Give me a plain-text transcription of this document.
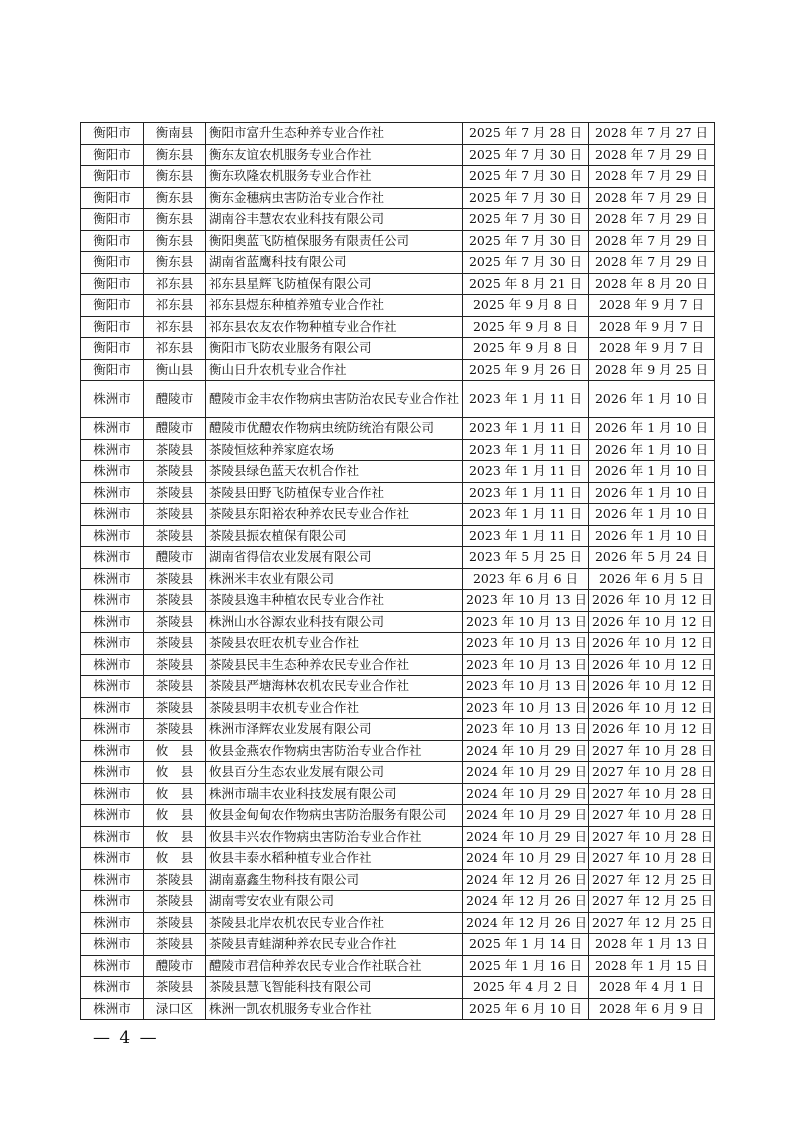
衡阳市	衡南县	衡阳市富升生态种养专业合作社	2025 年 7 月 28 日	2028 年 7 月 27 日
衡阳市	衡东县	衡东友谊农机服务专业合作社	2025 年 7 月 30 日	2028 年 7 月 29 日
衡阳市	衡东县	衡东玖隆农机服务专业合作社	2025 年 7 月 30 日	2028 年 7 月 29 日
衡阳市	衡东县	衡东金穗病虫害防治专业合作社	2025 年 7 月 30 日	2028 年 7 月 29 日
衡阳市	衡东县	湖南谷丰慧农农业科技有限公司	2025 年 7 月 30 日	2028 年 7 月 29 日
衡阳市	衡东县	衡阳奥蓝飞防植保服务有限责任公司	2025 年 7 月 30 日	2028 年 7 月 29 日
衡阳市	衡东县	湖南省蓝鹰科技有限公司	2025 年 7 月 30 日	2028 年 7 月 29 日
衡阳市	祁东县	祁东县星辉飞防植保有限公司	2025 年 8 月 21 日	2028 年 8 月 20 日
衡阳市	祁东县	祁东县煜东种植养殖专业合作社	2025 年 9 月 8 日	2028 年 9 月 7 日
衡阳市	祁东县	祁东县农友农作物种植专业合作社	2025 年 9 月 8 日	2028 年 9 月 7 日
衡阳市	祁东县	衡阳市飞防农业服务有限公司	2025 年 9 月 8 日	2028 年 9 月 7 日
衡阳市	衡山县	衡山日升农机专业合作社	2025 年 9 月 26 日	2028 年 9 月 25 日
株洲市	醴陵市	醴陵市金丰农作物病虫害防治农民专业合作社	2023 年 1 月 11 日	2026 年 1 月 10 日
株洲市	醴陵市	醴陵市优醴农作物病虫统防统治有限公司	2023 年 1 月 11 日	2026 年 1 月 10 日
株洲市	茶陵县	茶陵恒炫种养家庭农场	2023 年 1 月 11 日	2026 年 1 月 10 日
株洲市	茶陵县	茶陵县绿色蓝天农机合作社	2023 年 1 月 11 日	2026 年 1 月 10 日
株洲市	茶陵县	茶陵县田野飞防植保专业合作社	2023 年 1 月 11 日	2026 年 1 月 10 日
株洲市	茶陵县	茶陵县东阳裕农种养农民专业合作社	2023 年 1 月 11 日	2026 年 1 月 10 日
株洲市	茶陵县	茶陵县振农植保有限公司	2023 年 1 月 11 日	2026 年 1 月 10 日
株洲市	醴陵市	湖南省得信农业发展有限公司	2023 年 5 月 25 日	2026 年 5 月 24 日
株洲市	茶陵县	株洲米丰农业有限公司	2023 年 6 月 6 日	2026 年 6 月 5 日
株洲市	茶陵县	茶陵县逸丰种植农民专业合作社	2023 年 10 月 13 日	2026 年 10 月 12 日
株洲市	茶陵县	株洲山水谷源农业科技有限公司	2023 年 10 月 13 日	2026 年 10 月 12 日
株洲市	茶陵县	茶陵县农旺农机专业合作社	2023 年 10 月 13 日	2026 年 10 月 12 日
株洲市	茶陵县	茶陵县民丰生态种养农民专业合作社	2023 年 10 月 13 日	2026 年 10 月 12 日
株洲市	茶陵县	茶陵县严塘海林农机农民专业合作社	2023 年 10 月 13 日	2026 年 10 月 12 日
株洲市	茶陵县	茶陵县明丰农机专业合作社	2023 年 10 月 13 日	2026 年 10 月 12 日
株洲市	茶陵县	株洲市泽辉农业发展有限公司	2023 年 10 月 13 日	2026 年 10 月 12 日
株洲市	攸　县	攸县金燕农作物病虫害防治专业合作社	2024 年 10 月 29 日	2027 年 10 月 28 日
株洲市	攸　县	攸县百分生态农业发展有限公司	2024 年 10 月 29 日	2027 年 10 月 28 日
株洲市	攸　县	株洲市瑞丰农业科技发展有限公司	2024 年 10 月 29 日	2027 年 10 月 28 日
株洲市	攸　县	攸县金甸甸农作物病虫害防治服务有限公司	2024 年 10 月 29 日	2027 年 10 月 28 日
株洲市	攸　县	攸县丰兴农作物病虫害防治专业合作社	2024 年 10 月 29 日	2027 年 10 月 28 日
株洲市	攸　县	攸县丰泰水稻种植专业合作社	2024 年 10 月 29 日	2027 年 10 月 28 日
株洲市	茶陵县	湖南嘉鑫生物科技有限公司	2024 年 12 月 26 日	2027 年 12 月 25 日
株洲市	茶陵县	湖南雩安农业有限公司	2024 年 12 月 26 日	2027 年 12 月 25 日
株洲市	茶陵县	茶陵县北岸农机农民专业合作社	2024 年 12 月 26 日	2027 年 12 月 25 日
株洲市	茶陵县	茶陵县青蛙湖种养农民专业合作社	2025 年 1 月 14 日	2028 年 1 月 13 日
株洲市	醴陵市	醴陵市君信种养农民专业合作社联合社	2025 年 1 月 16 日	2028 年 1 月 15 日
株洲市	茶陵县	茶陵县慧飞智能科技有限公司	2025 年 4 月 2 日	2028 年 4 月 1 日
株洲市	渌口区	株洲一凯农机服务专业合作社	2025 年 6 月 10 日	2028 年 6 月 9 日
— 4 —
